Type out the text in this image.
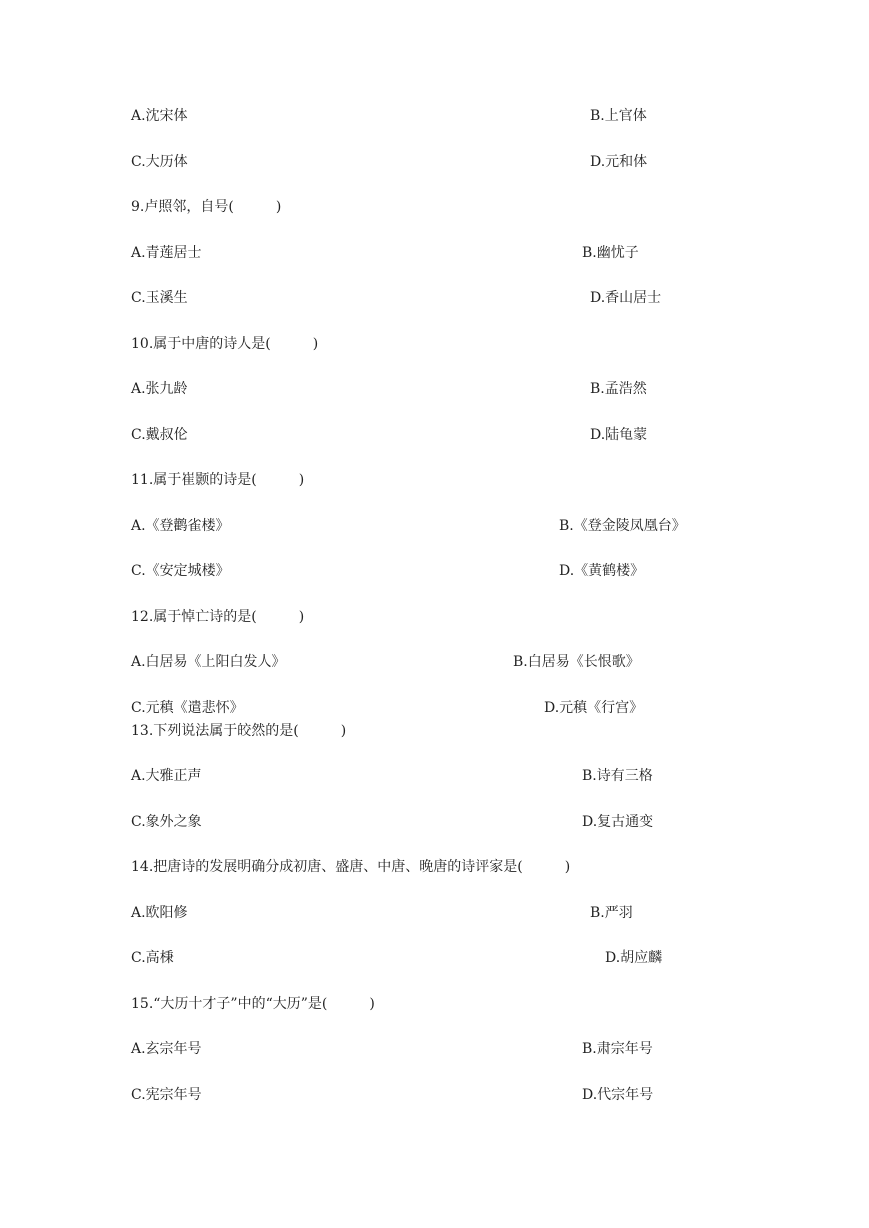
A.沈宋体	B.上官体
C.大历体	D.元和体
9.卢照邻，自号(　　　)
A.青莲居士	B.幽忧子
C.玉溪生	D.香山居士
10.属于中唐的诗人是(　　　)
A.张九龄	B.孟浩然
C.戴叔伦	D.陆龟蒙
11.属于崔颢的诗是(　　　)
A.《登鹳雀楼》	B.《登金陵凤凰台》
C.《安定城楼》	D.《黄鹤楼》
12.属于悼亡诗的是(　　　)
A.白居易《上阳白发人》	B.白居易《长恨歌》
C.元稹《遣悲怀》	D.元稹《行宫》
13.下列说法属于皎然的是(　　　)
A.大雅正声	B.诗有三格
C.象外之象	D.复古通变
14.把唐诗的发展明确分成初唐、盛唐、中唐、晚唐的诗评家是(　　　)
A.欧阳修	B.严羽
C.高棅	D.胡应麟
15.“大历十才子”中的“大历”是(　　　)
A.玄宗年号	B.肃宗年号
C.宪宗年号	D.代宗年号
